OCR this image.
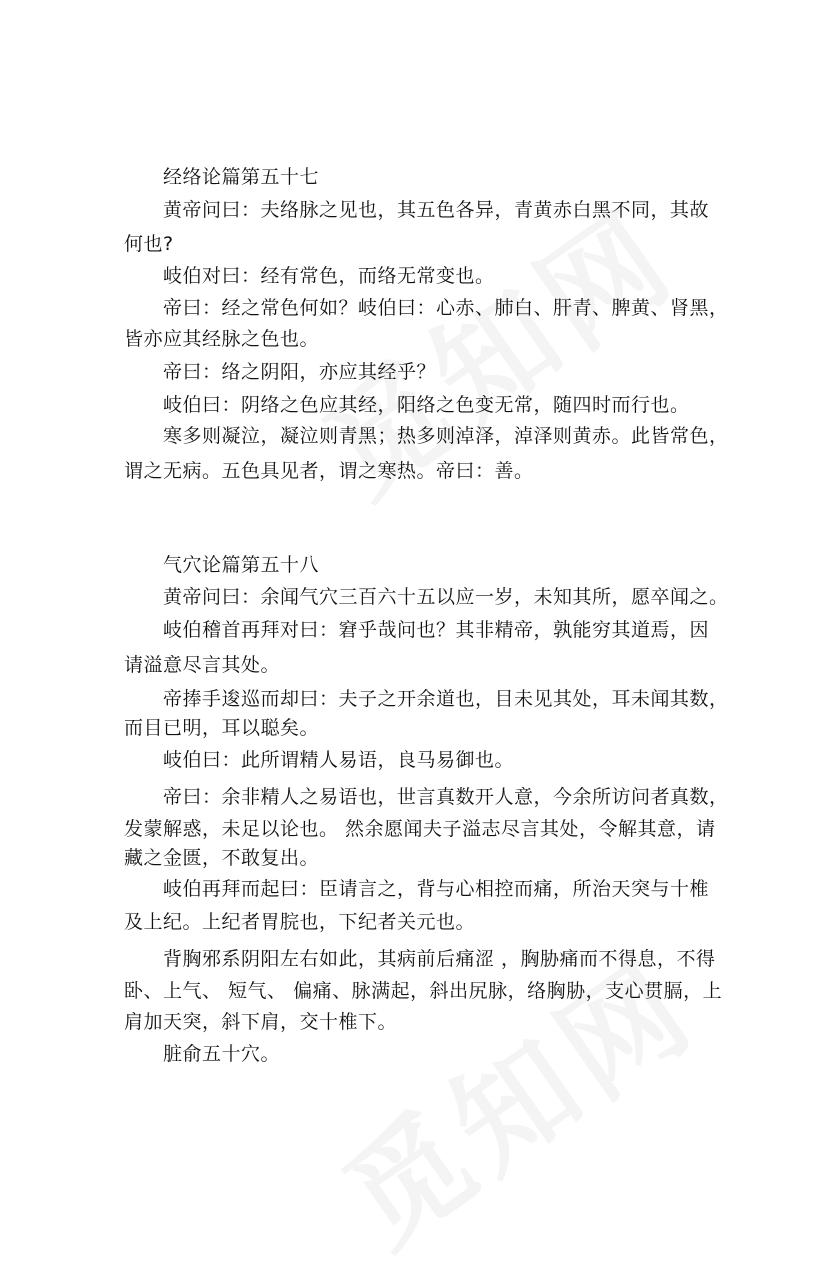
经络论篇第五十七
黄帝问曰：夫络脉之见也，其五色各异，青黄赤白黑不同，其故
何也?
岐伯对曰：经有常色，而络无常变也。
帝曰：经之常色何如？岐伯曰：心赤、肺白、肝青、脾黄、肾黑，
皆亦应其经脉之色也。
帝曰：络之阴阳，亦应其经乎？
岐伯曰：阴络之色应其经，阳络之色变无常，随四时而行也。
寒多则凝泣，凝泣则青黑；热多则淖泽，淖泽则黄赤。此皆常色，
谓之无病。五色具见者，谓之寒热。帝曰：善。
气穴论篇第五十八
黄帝问曰：余闻气穴三百六十五以应一岁，未知其所，愿卒闻之。
岐伯稽首再拜对曰：窘乎哉问也？其非精帝，孰能穷其道焉，因
请溢意尽言其处。
帝捧手逡巡而却曰：夫子之开余道也，目未见其处，耳未闻其数，
而目已明，耳以聪矣。
岐伯曰：此所谓精人易语，良马易御也。
帝曰：余非精人之易语也，世言真数开人意，今余所访问者真数，
发蒙解惑，未足以论也。 然余愿闻夫子溢志尽言其处，令解其意，请
藏之金匮，不敢复出。
岐伯再拜而起曰：臣请言之，背与心相控而痛，所治天突与十椎
及上纪。上纪者胃脘也，下纪者关元也。
背胸邪系阴阳左右如此，其病前后痛涩 ，胸胁痛而不得息，不得
卧、上气、 短气、 偏痛、脉满起，斜出尻脉，络胸胁，支心贯膈，上
肩加天突，斜下肩，交十椎下。
脏俞五十穴。
